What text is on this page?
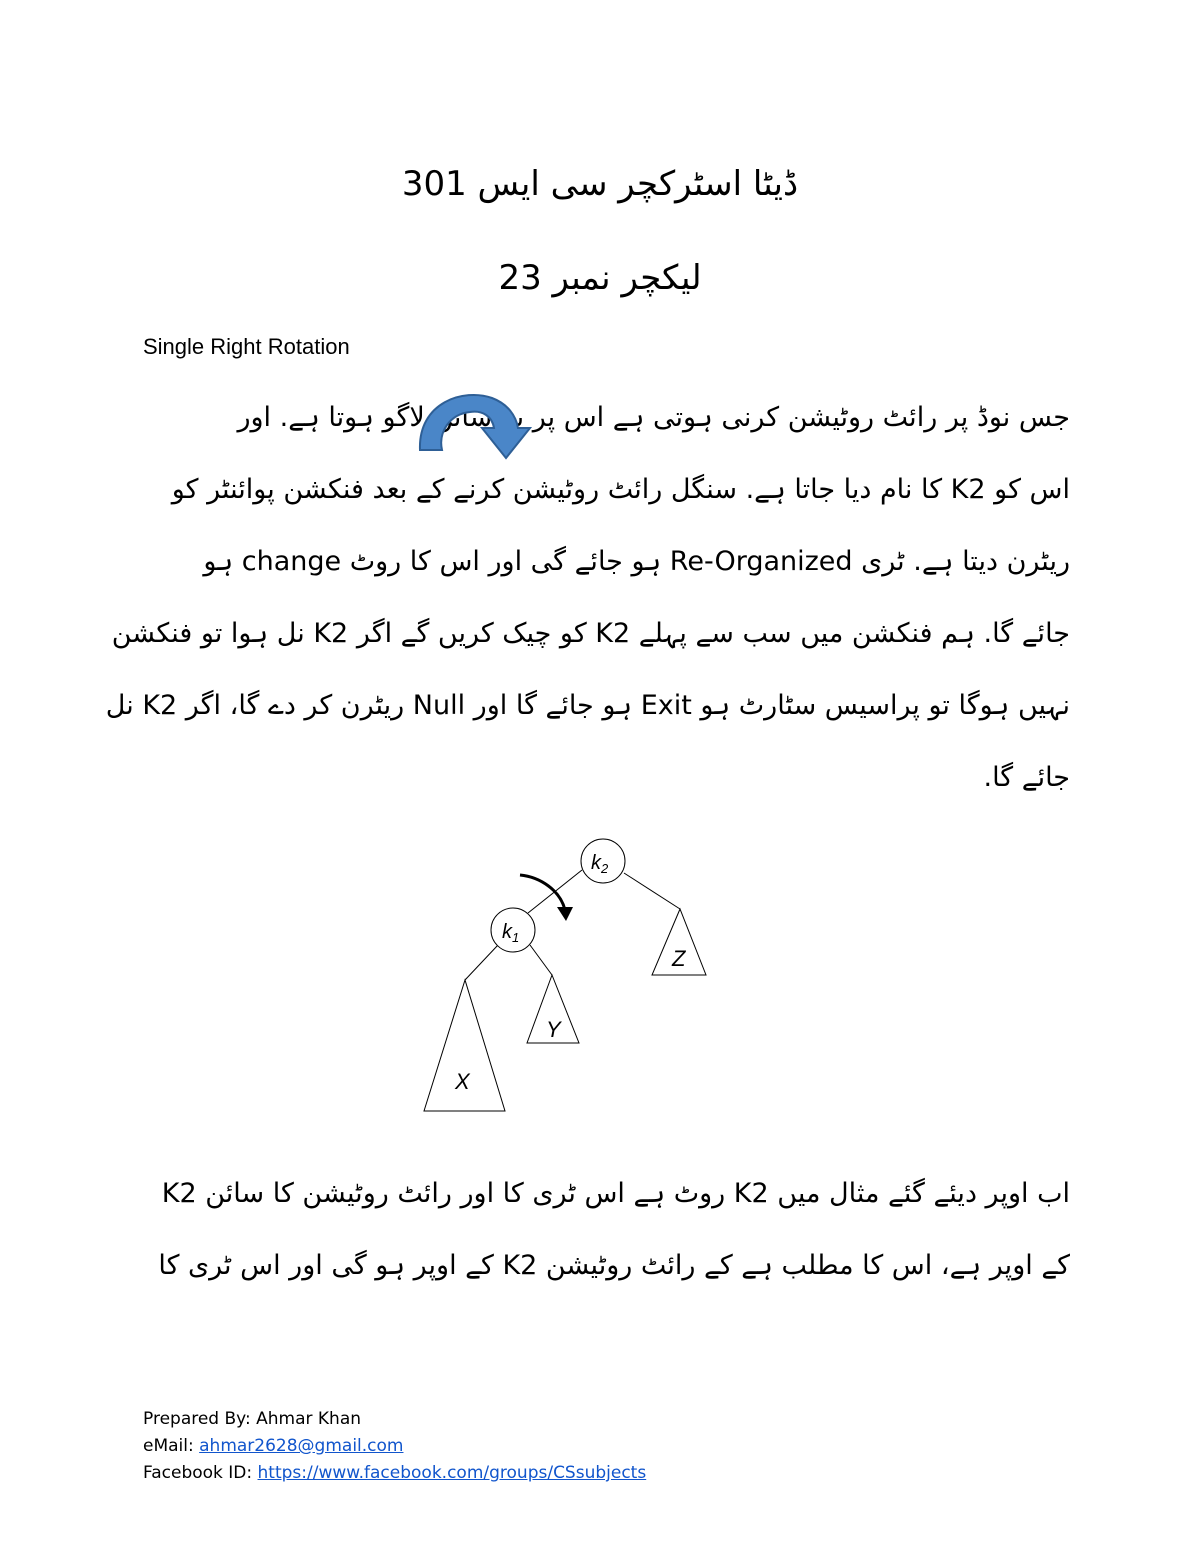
ڈیٹا اسٹرکچر سی ایس 301
لیکچر نمبر 23
Single Right Rotation
جس نوڈ پر رائٹ روٹیشن کرنی ہوتی ہے اس پر یہ سائن لاگو ہوتا ہے. اور
اس کو K2 کا نام دیا جاتا ہے. سنگل رائٹ روٹیشن کرنے کے بعد فنکشن پوائنٹر کو
ریٹرن دیتا ہے. ٹری Re-Organized ہو جائے گی اور اس کا روٹ change ہو
جائے گا. ہم فنکشن میں سب سے پہلے K2 کو چیک کریں گے اگر K2 نل ہوا تو فنکشن
نہیں ہوگا تو پراسیس سٹارٹ ہو Exit ہو جائے گا اور Null ریٹرن کر دے گا، اگر K2 نل
جائے گا.
$k_2$
$k_1$
X
Y
Z
اب اوپر دیئے گئے مثال میں K2 روٹ ہے اس ٹری کا اور رائٹ روٹیشن کا سائن K2
کے اوپر ہے، اس کا مطلب ہے کے رائٹ روٹیشن K2 کے اوپر ہو گی اور اس ٹری کا
Prepared By: Ahmar Khan
eMail: ahmar2628@gmail.com
Facebook ID: https://www.facebook.com/groups/CSsubjects
